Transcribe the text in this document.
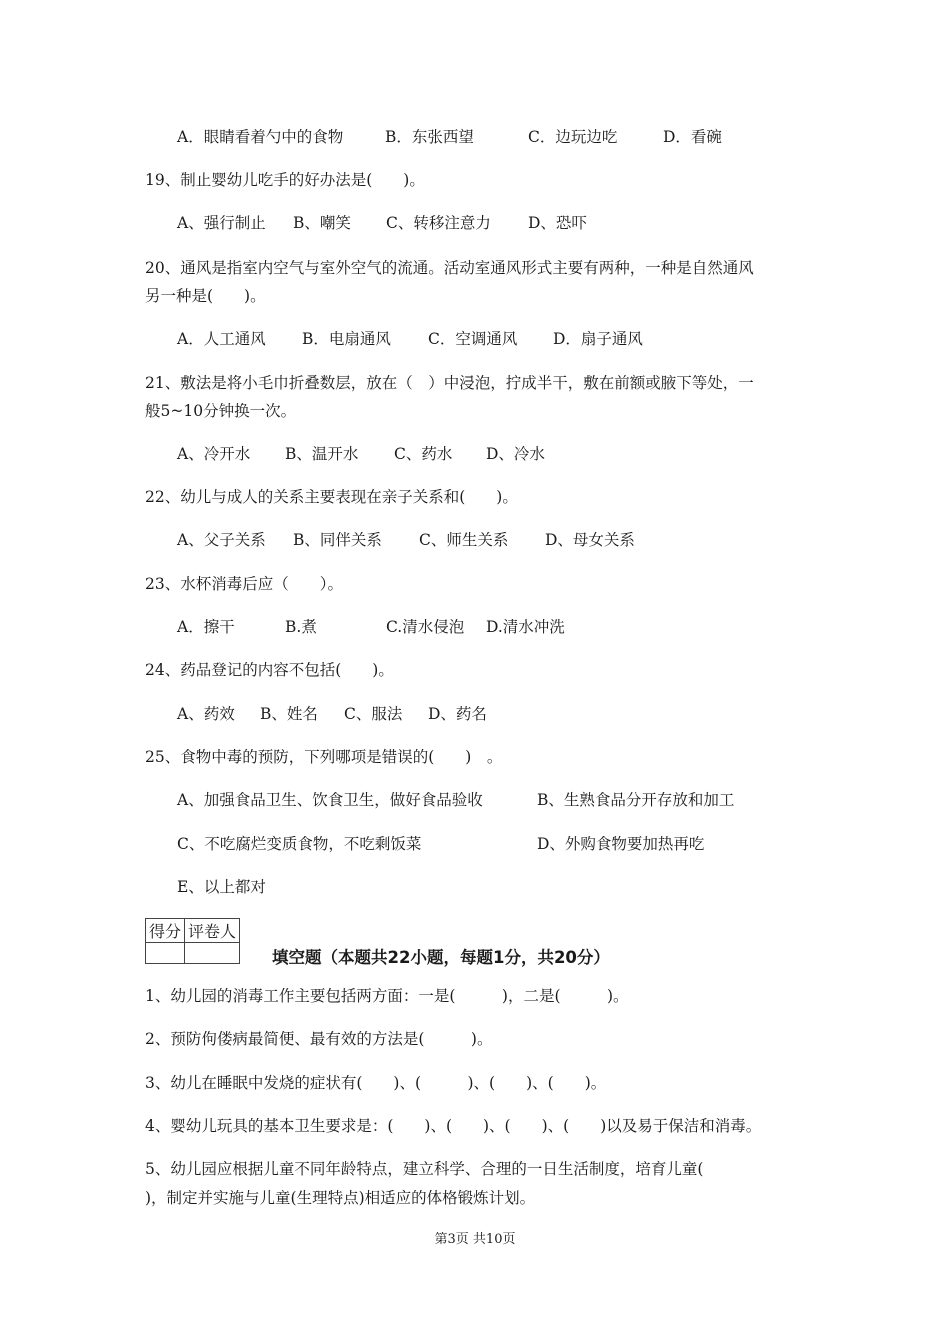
A．眼睛看着勺中的食物	B．东张西望	C．边玩边吃	D．看碗
19、制止婴幼儿吃手的好办法是(　　)。
A、强行制止 B、嘲笑 C、转移注意力 D、恐吓
20、通风是指室内空气与室外空气的流通。活动室通风形式主要有两种，一种是自然通风
另一种是(　　)。
A．人工通风 B．电扇通风 C．空调通风 D．扇子通风
21、敷法是将小毛巾折叠数层，放在（　）中浸泡，拧成半干，敷在前额或腋下等处，一
般5~10分钟换一次。
A、冷开水 B、温开水 C、药水 D、冷水
22、幼儿与成人的关系主要表现在亲子关系和(　　)。
A、父子关系 B、同伴关系 C、师生关系 D、母女关系
23、水杯消毒后应（　　）。
A．擦干	B.煮	C.清水侵泡 D.清水冲洗
24、药品登记的内容不包括(　　)。
A、药效 B、姓名 C、服法 D、药名
25、食物中毒的预防，下列哪项是错误的(　　)　。
A、加强食品卫生、饮食卫生，做好食品验收	B、生熟食品分开存放和加工
C、不吃腐烂变质食物，不吃剩饭菜	D、外购食物要加热再吃
E、以上都对
得分	评卷人

填空题（本题共22小题，每题1分，共20分）
1、幼儿园的消毒工作主要包括两方面：一是(　　　)，二是(　　　)。
2、预防佝偻病最简便、最有效的方法是(　　　)。
3、幼儿在睡眠中发烧的症状有(　　)、(　　　)、(　　)、(　　)。
4、婴幼儿玩具的基本卫生要求是：(　　)、(　　)、(　　)、(　　)以及易于保洁和消毒。
5、幼儿园应根据儿童不同年龄特点，建立科学、合理的一日生活制度，培育儿童(
)，制定并实施与儿童(生理特点)相适应的体格锻炼计划。
第3页 共10页
